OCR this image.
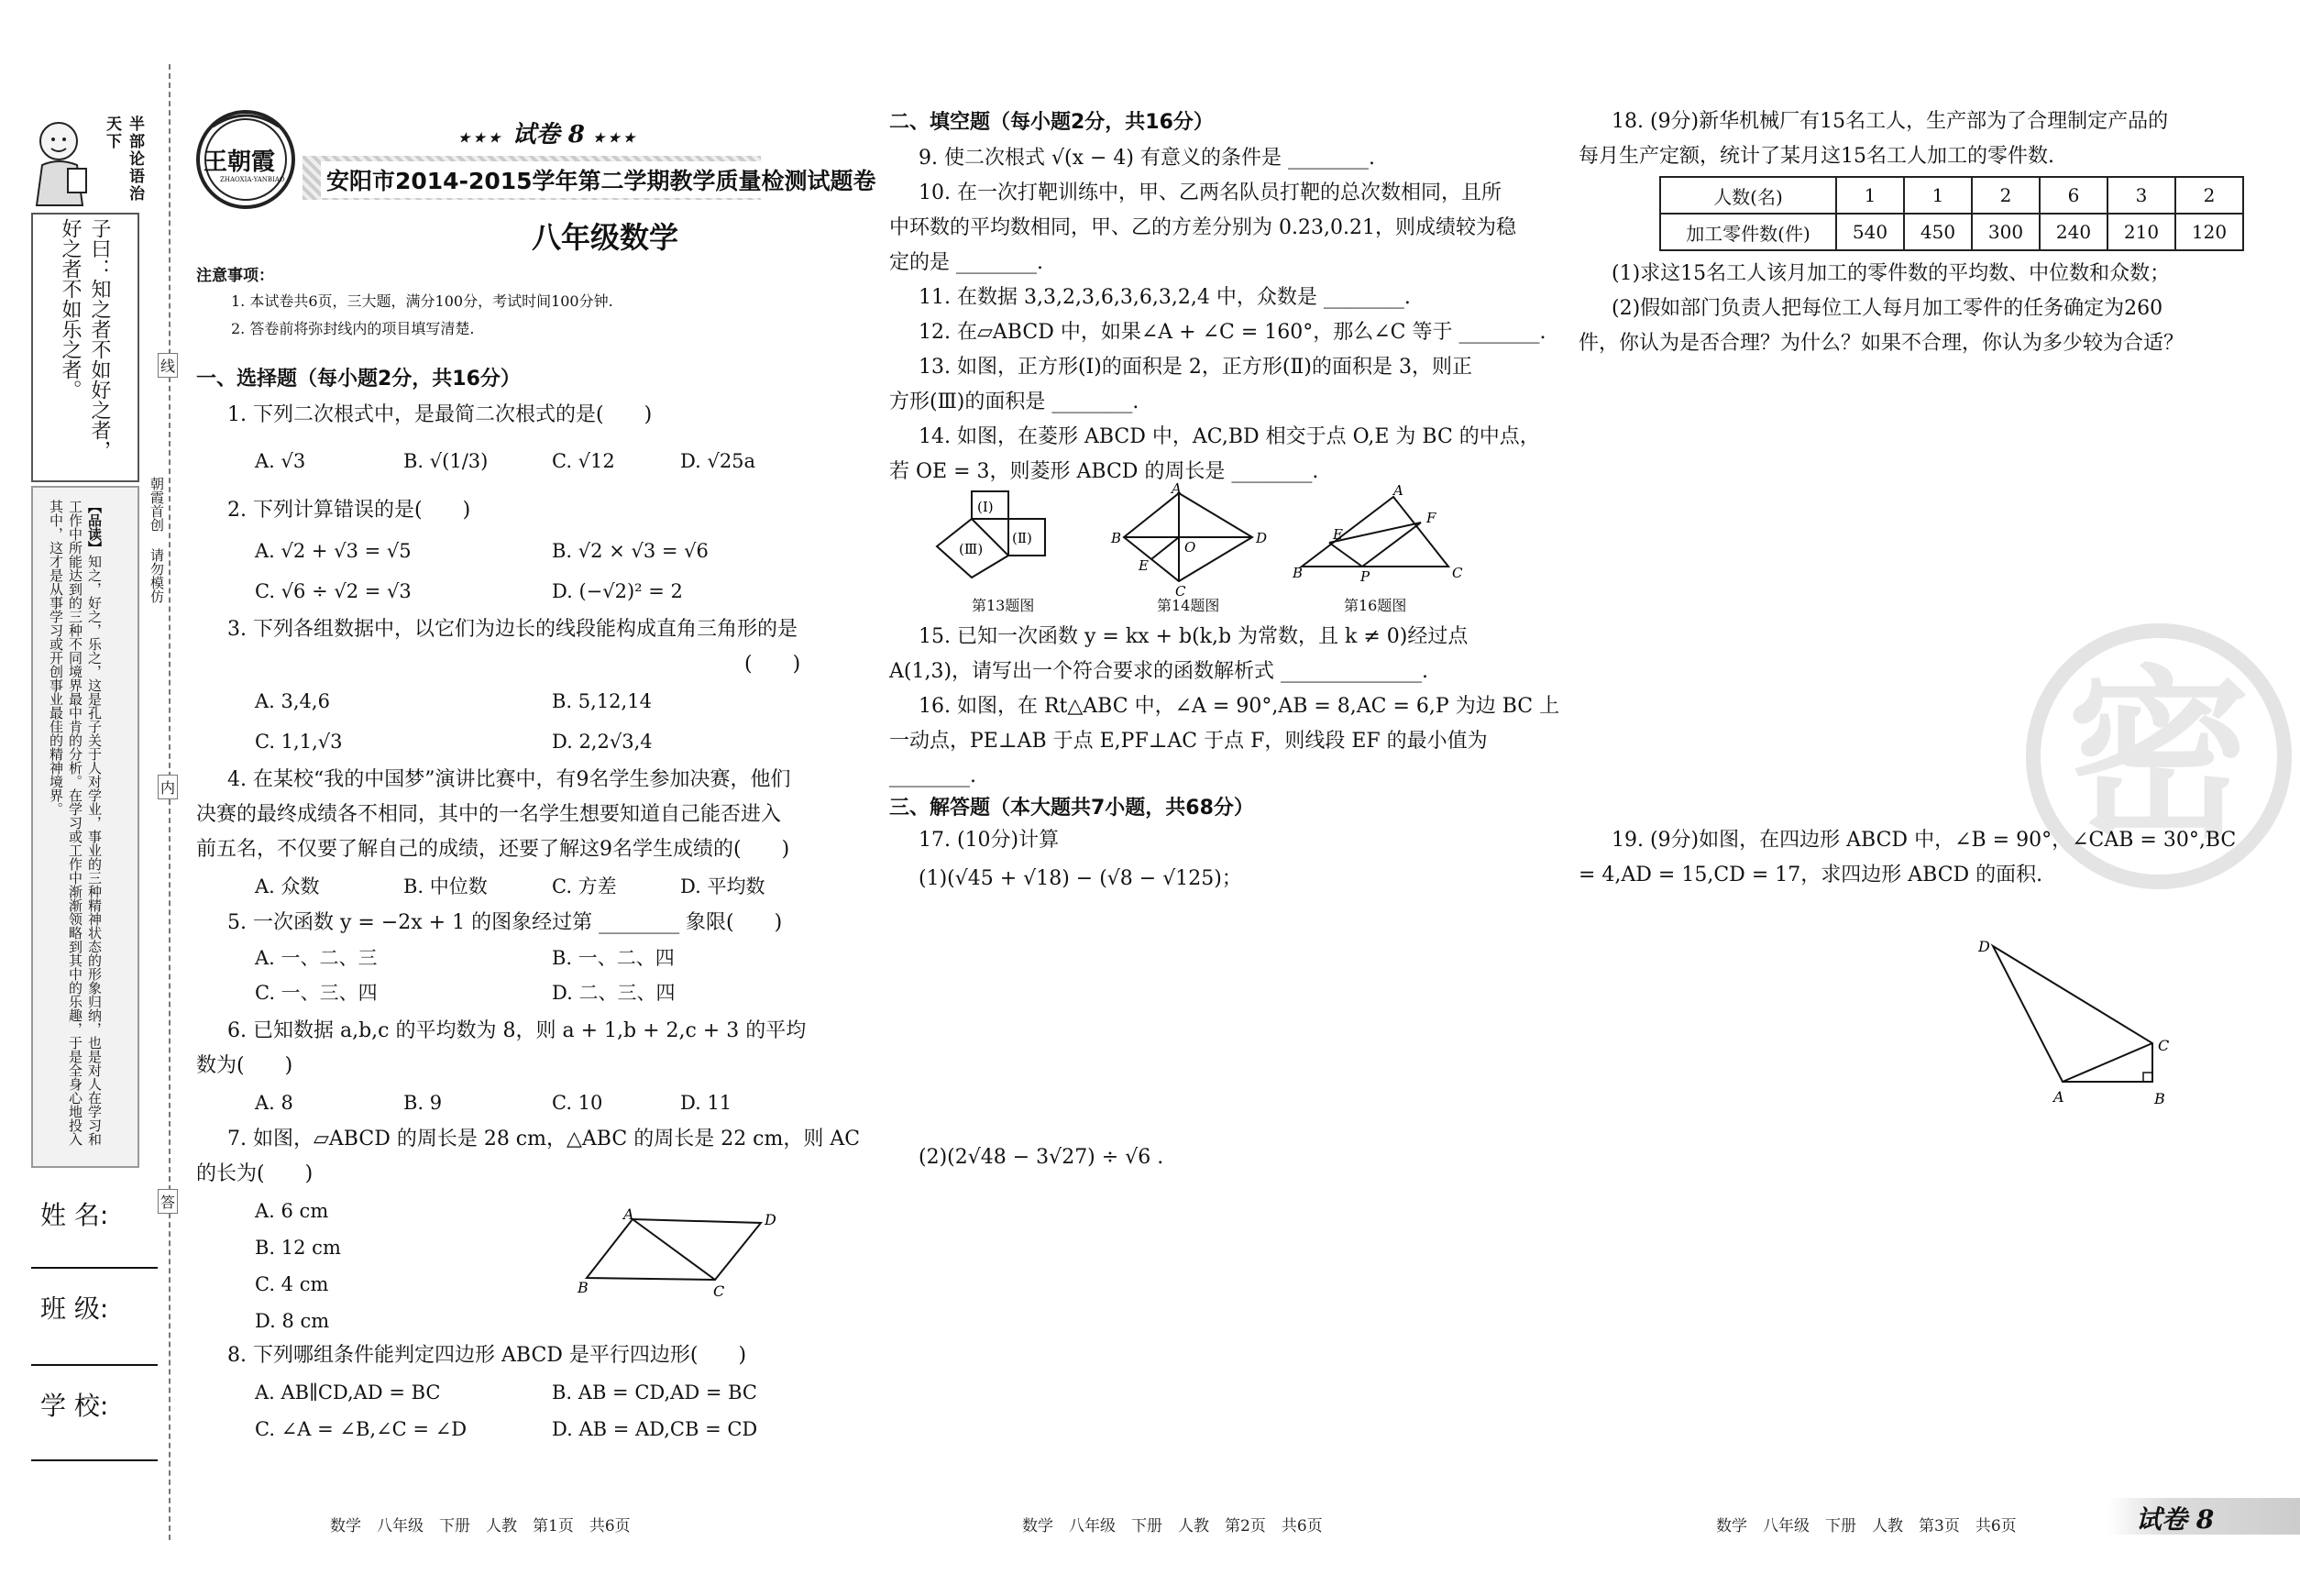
半部论语治天下
子曰：知之者不如好之者，好之者不如乐之者。
【品读】知之，好之，乐之，这是孔子关于人对学业，事业的三种精神状态的形象归纳，也是对人在学习和工作中所能达到的三种不同境界最中肯的分析。在学习或工作中渐渐领略到其中的乐趣，于是全身心地投入其中，这才是从事学习或开创事业最佳的精神境界。
线
朝霞首创 请勿模仿
内
答
姓 名:
班 级:
学 校:
王朝霞
ZHAOXIA·YANBIAO
★★★ 试卷 8 ★★★
安阳市2014-2015学年第二学期教学质量检测试题卷
八年级数学
注意事项：
1. 本试卷共6页，三大题，满分100分，考试时间100分钟.
2. 答卷前将弥封线内的项目填写清楚.
一、选择题（每小题2分，共16分）
1. 下列二次根式中，是最简二次根式的是(　　)
A. √3	B. √(1/3)	C. √12	D. √25a
2. 下列计算错误的是(　　)
A. √2 + √3 = √5	B. √2 × √3 = √6
C. √6 ÷ √2 = √3	D. (−√2)² = 2
3. 下列各组数据中，以它们为边长的线段能构成直角三角形的是
(　　)
A. 3,4,6	B. 5,12,14
C. 1,1,√3	D. 2,2√3,4
4. 在某校“我的中国梦”演讲比赛中，有9名学生参加决赛，他们
决赛的最终成绩各不相同，其中的一名学生想要知道自己能否进入
前五名，不仅要了解自己的成绩，还要了解这9名学生成绩的(　　)
A. 众数	B. 中位数	C. 方差	D. 平均数
5. 一次函数 y = −2x + 1 的图象经过第 ________ 象限(　　)
A. 一、二、三	B. 一、二、四
C. 一、三、四	D. 二、三、四
6. 已知数据 a,b,c 的平均数为 8，则 a + 1,b + 2,c + 3 的平均
数为(　　)
A. 8	B. 9	C. 10	D. 11
7. 如图，▱ABCD 的周长是 28 cm，△ABC 的周长是 22 cm，则 AC
的长为(　　)
A. 6 cm
B. 12 cm
C. 4 cm
D. 8 cm
A	D
B	C
8. 下列哪组条件能判定四边形 ABCD 是平行四边形(　　)
A. AB∥CD,AD = BC	B. AB = CD,AD = BC
C. ∠A = ∠B,∠C = ∠D	D. AB = AD,CB = CD
数学　八年级　下册　人教　第1页　共6页
二、填空题（每小题2分，共16分）
9. 使二次根式 √(x − 4) 有意义的条件是 ________.
10. 在一次打靶训练中，甲、乙两名队员打靶的总次数相同，且所
中环数的平均数相同，甲、乙的方差分别为 0.23,0.21，则成绩较为稳
定的是 ________.
11. 在数据 3,3,2,3,6,3,6,3,2,4 中，众数是 ________.
12. 在▱ABCD 中，如果∠A + ∠C = 160°，那么∠C 等于 ________.
13. 如图，正方形(Ⅰ)的面积是 2，正方形(Ⅱ)的面积是 3，则正
方形(Ⅲ)的面积是 ________.
14. 如图，在菱形 ABCD 中，AC,BD 相交于点 O,E 为 BC 的中点，
若 OE = 3，则菱形 ABCD 的周长是 ________.
(Ⅰ)
(Ⅲ)
(Ⅱ)
第13题图
A
B
C
D
O
E
第14题图
A
B	C
E
F
P
第16题图
15. 已知一次函数 y = kx + b(k,b 为常数，且 k ≠ 0)经过点
A(1,3)，请写出一个符合要求的函数解析式 ______________.
16. 如图，在 Rt△ABC 中，∠A = 90°,AB = 8,AC = 6,P 为边 BC 上
一动点，PE⊥AB 于点 E,PF⊥AC 于点 F，则线段 EF 的最小值为
________.
三、解答题（本大题共7小题，共68分）
17. (10分)计算
(1)(√45 + √18) − (√8 − √125)；
(2)(2√48 − 3√27) ÷ √6 .
数学　八年级　下册　人教　第2页　共6页
密
18. (9分)新华机械厂有15名工人，生产部为了合理制定产品的
每月生产定额，统计了某月这15名工人加工的零件数.
人数(名)	1	1	2	6	3	2
加工零件数(件)	540	450	300	240	210	120
(1)求这15名工人该月加工的零件数的平均数、中位数和众数；
(2)假如部门负责人把每位工人每月加工零件的任务确定为260
件，你认为是否合理？为什么？如果不合理，你认为多少较为合适？
19. (9分)如图，在四边形 ABCD 中，∠B = 90°，∠CAB = 30°,BC
= 4,AD = 15,CD = 17，求四边形 ABCD 的面积.
D
C
A	B
数学　八年级　下册　人教　第3页　共6页	试卷 8
